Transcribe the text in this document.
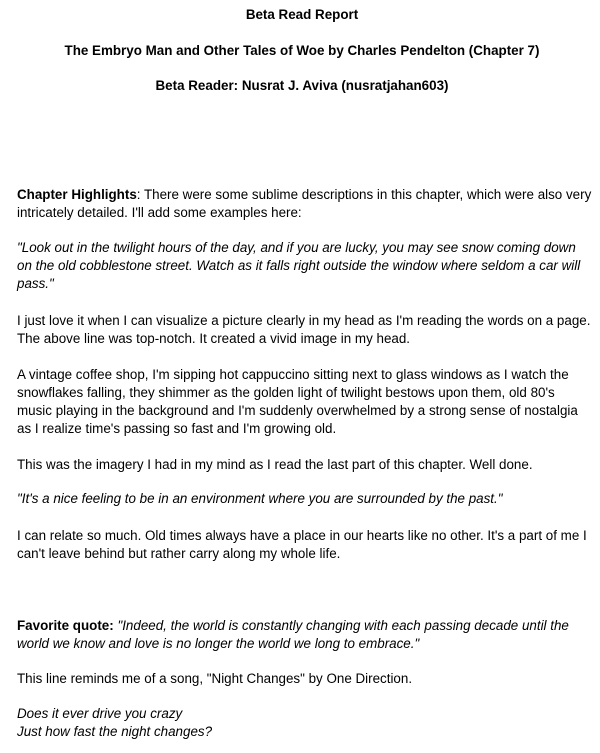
Beta Read Report
The Embryo Man and Other Tales of Woe by Charles Pendelton (Chapter 7)
Beta Reader: Nusrat J. Aviva (nusratjahan603)

Chapter Highlights: There were some sublime descriptions in this chapter, which were also very intricately detailed. I'll add some examples here:

"Look out in the twilight hours of the day, and if you are lucky, you may see snow coming down on the old cobblestone street. Watch as it falls right outside the window where seldom a car will pass."

I just love it when I can visualize a picture clearly in my head as I'm reading the words on a page. The above line was top-notch. It created a vivid image in my head.

A vintage coffee shop, I'm sipping hot cappuccino sitting next to glass windows as I watch the snowflakes falling, they shimmer as the golden light of twilight bestows upon them, old 80's music playing in the background and I'm suddenly overwhelmed by a strong sense of nostalgia as I realize time's passing so fast and I'm growing old.

This was the imagery I had in my mind as I read the last part of this chapter. Well done.

"It's a nice feeling to be in an environment where you are surrounded by the past."

I can relate so much. Old times always have a place in our hearts like no other. It's a part of me I can't leave behind but rather carry along my whole life.

Favorite quote: "Indeed, the world is constantly changing with each passing decade until the world we know and love is no longer the world we long to embrace."

This line reminds me of a song, "Night Changes" by One Direction.

Does it ever drive you crazy
Just how fast the night changes?
